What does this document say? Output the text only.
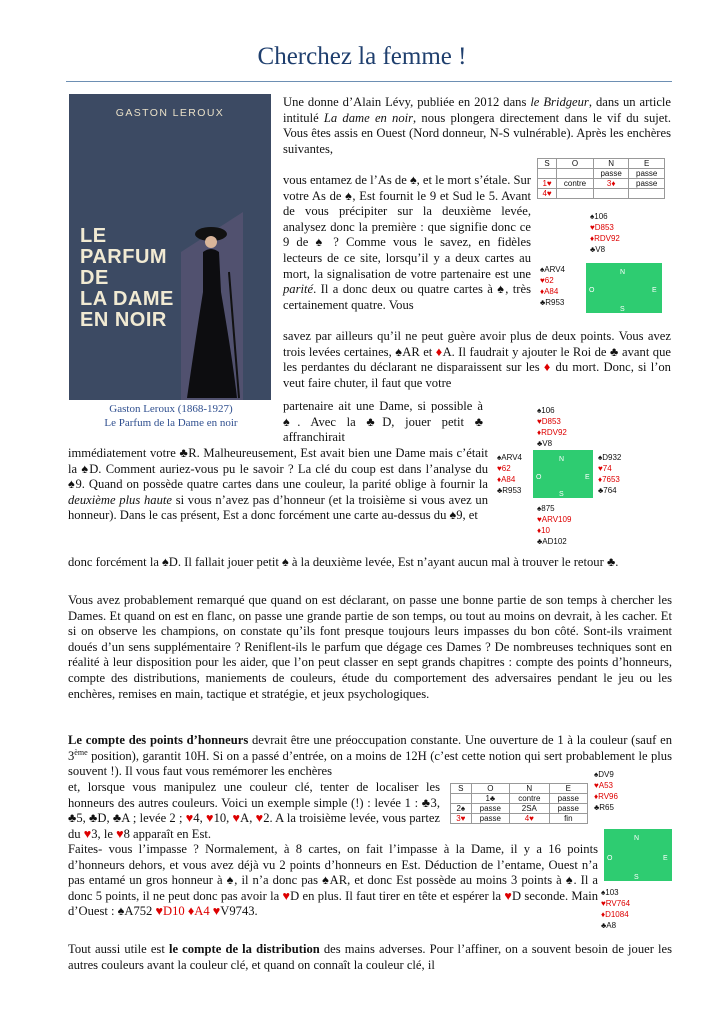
Cherchez la femme !
GASTON LEROUX
LE
PARFUM
DE
LA DAME
EN NOIR
Gaston Leroux (1868-1927)
Le Parfum de la Dame en noir
Une donne d’Alain Lévy, publiée en 2012 dans le Bridgeur, dans un article intitulé La dame en noir, nous plongera directement dans le vif du sujet. Vous êtes assis en Ouest (Nord donneur, N-S vulnérable). Après les enchères suivantes,
vous entamez de l’As de ♠, et le mort s’étale. Sur votre As de ♠, Est fournit le 9 et Sud le 5. Avant de vous précipiter sur la deuxième levée, analysez donc la première : que signifie donc ce 9 de ♠ ? Comme vous le savez, en fidèles lecteurs de ce site, lorsqu’il y a deux cartes au mort, la signalisation de votre partenaire est une parité. Il a donc deux ou quatre cartes à ♠, très certainement quatre. Vous
savez par ailleurs qu’il ne peut guère avoir plus de deux points. Vous avez trois levées certaines, ♠AR et ♦A. Il faudrait y ajouter le Roi de ♣ avant que les perdantes du déclarant ne disparaissent sur les ♦ du mort. Donc, si l’on veut faire chuter, il faut que votre
partenaire ait une Dame, si possible à ♠. Avec la ♣D, jouer petit ♣ affranchirait
immédiatement votre ♣R. Malheureusement, Est avait bien une Dame mais c’était la ♠D. Comment auriez-vous pu le savoir ? La clé du coup est dans l’analyse du ♠9. Quand on possède quatre cartes dans une couleur, la parité oblige à fournir la deuxième plus haute si vous n’avez pas d’honneur (et la troisième si vous avez un honneur). Dans le cas présent, Est a donc forcément une carte au-dessus du ♠9, et
donc forcément la ♠D. Il fallait jouer petit ♠ à la deuxième levée, Est n’ayant aucun mal à trouver le retour ♣.
Vous avez probablement remarqué que quand on est déclarant, on passe une bonne partie de son temps à chercher les Dames. Et quand on est en flanc, on passe une grande partie de son temps, ou tout au moins on devrait, à les cacher. Et si on observe les champions, on constate qu’ils font presque toujours leurs impasses du bon côté. Sont-ils vraiment doués d’un sens supplémentaire ? Reniflent-ils le parfum que dégage ces Dames ? De nombreuses techniques sont en réalité à leur disposition pour les aider, que l’on peut classer en sept grands chapitres : compte des points d’honneurs, compte des distributions, maniements de couleurs, étude du comportement des adversaires pendant le jeu ou les enchères, remises en main, tactique et stratégie, et jeux psychologiques.
Le compte des points d’honneurs devrait être une préoccupation constante. Une ouverture de 1 à la couleur (sauf en 3ème position), garantit 10H. Si on a passé d’entrée, on a moins de 12H (c’est cette notion qui sert probablement le plus souvent !). Il vous faut vous remémorer les enchères
et, lorsque vous manipulez une couleur clé, tenter de localiser les honneurs des autres couleurs. Voici un exemple simple (!) : levée 1 : ♣3, ♣5, ♣D, ♣A ; levée 2 ; ♥4, ♥10, ♥A, ♥2. A la troisième levée, vous partez du ♥3, le ♥8 apparaît en Est.
Faites- vous l’impasse ? Normalement, à 8 cartes, on fait l’impasse à la Dame, il y a 16 points d’honneurs dehors, et vous avez déjà vu 2 points d’honneurs en Est. Déduction de l’entame, Ouest n’a pas entamé un gros honneur à ♠, il n’a donc pas ♠AR, et donc Est possède au moins 3 points à ♠. Il a donc 5 points, il ne peut donc pas avoir la ♥D en plus. Il faut tirer en tête et espérer la ♥D seconde. Main d’Ouest : ♠A752 ♥D10 ♦A4 ♥V9743.
Tout aussi utile est le compte de la distribution des mains adverses. Pour l’affiner, on a souvent besoin de jouer les autres couleurs avant la couleur clé, et quand on connaît la couleur clé, il
S	O	N	E
		passe	passe
1♥	contre	3♦	passe
4♥			
♠106
♥D853
♦RDV92
♣V8
♠ARV4
♥62
♦A84
♣R953
N
O	E
S
♠106
♥D853
♦RDV92
♣V8
♠ARV4
♥62
♦A84
♣R953
N
O	E
S
♠D932
♥74
♦7653
♣764
♠875
♥ARV109
♦10
♣AD102
S	O	N	E
	1♣	contre	passe
2♠	passe	2SA	passe
3♥	passe	4♥	fin
♠DV9
♥A53
♦RV96
♣R65
N
O	E
S
♠103
♥RV764
♦D1084
♣A8
